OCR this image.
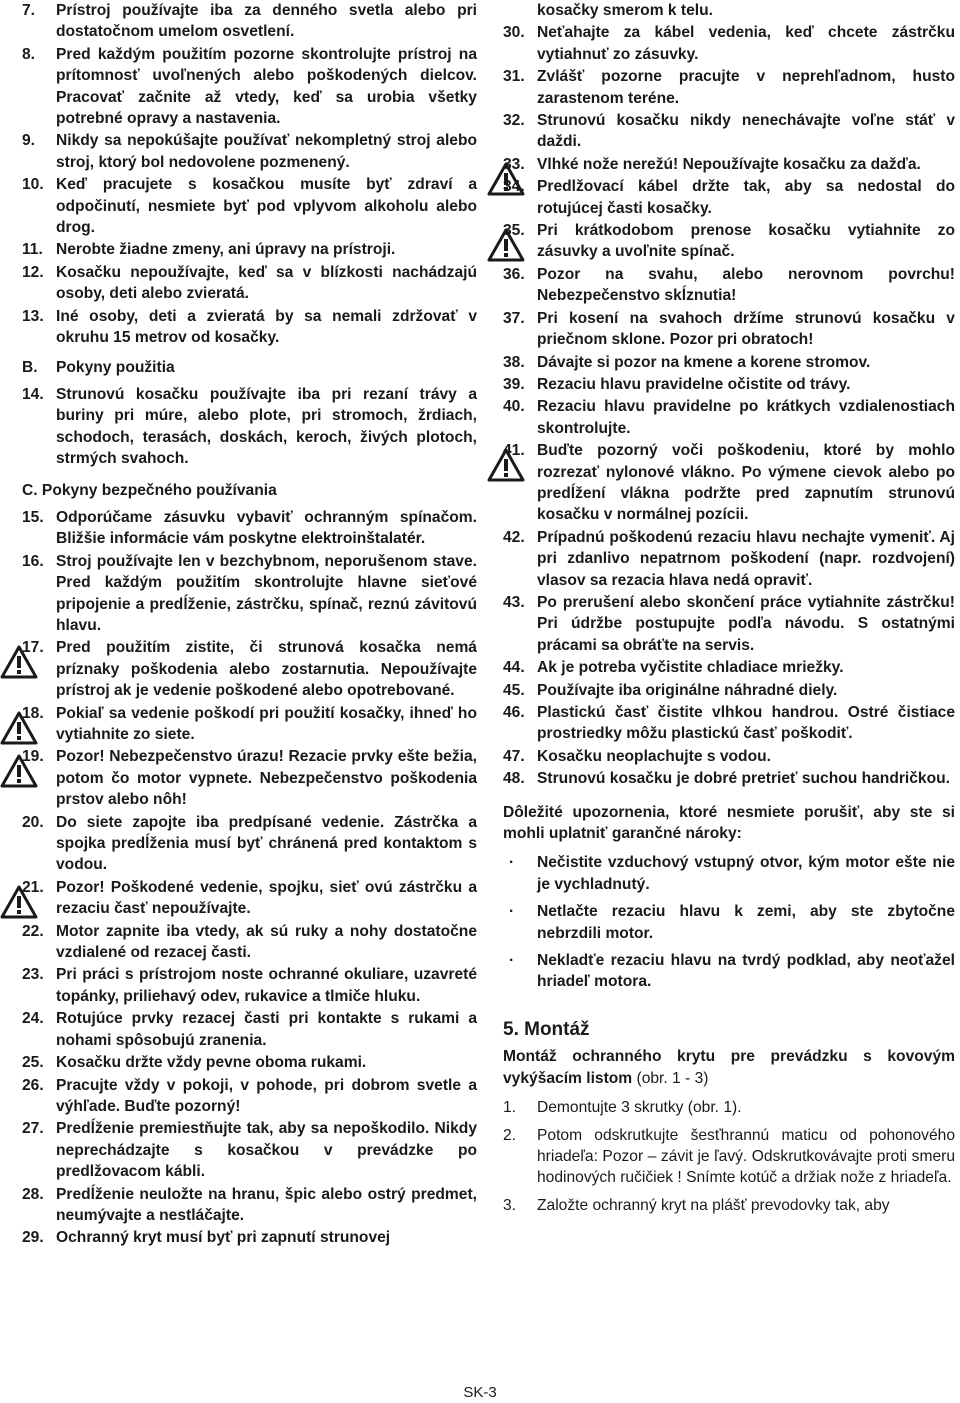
7.	Prístroj používajte iba za denného svetla alebo pri dostatočnom umelom osvetlení.
8.	Pred každým použitím pozorne skontrolujte prístroj na prítomnosť uvoľnených alebo poškodených dielcov. Pracovať začnite až vtedy, keď sa urobia všetky potrebné opravy a nastavenia.
9.	Nikdy sa nepokúšajte používať nekompletný stroj alebo stroj, ktorý bol nedovolene pozmenený.
10. Keď pracujete s kosačkou musíte byť zdraví a odpočinutí, nesmiete byť pod vplyvom alkoholu alebo drog.
11. Nerobte žiadne zmeny, ani úpravy na prístroji.
12. Kosačku nepoužívajte, keď sa v blízkosti nachádzajú osoby, deti alebo zvieratá.
13. Iné osoby, deti a zvieratá by sa nemali zdržovať v okruhu 15 metrov od kosačky.
B.	Pokyny použitia
14. Strunovú kosačku používajte iba pri rezaní trávy a buriny pri múre, alebo plote, pri stromoch, žrdiach, schodoch, terasách, doskách, keroch, živých plotoch, strmých svahoch.
C. Pokyny bezpečného používania
15. Odporúčame zásuvku vybaviť ochranným spínačom. Bližšie informácie vám poskytne elektroinštalatér.
16. Stroj používajte len v bezchybnom, neporušenom stave. Pred každým použitím skontrolujte hlavne sieťové pripojenie a predĺženie, zástrčku, spínač, reznú závitovú hlavu.
17. Pred použitím zistite, či strunová kosačka nemá príznaky poškodenia alebo zostarnutia. Nepoužívajte prístroj ak je vedenie poškodené alebo opotrebované.
18. Pokiaľ sa vedenie poškodí pri použití kosačky, ihneď ho vytiahnite zo siete.
19. Pozor! Nebezpečenstvo úrazu! Rezacie prvky ešte bežia, potom čo motor vypnete. Nebezpečenstvo poškodenia prstov alebo nôh!
20. Do siete zapojte iba predpísané vedenie. Zástrčka a spojka predĺženia musí byť chránená pred kontaktom s vodou.
21. Pozor! Poškodené vedenie, spojku, sieť ovú zástrčku a rezaciu časť nepoužívajte.
22. Motor zapnite iba vtedy, ak sú ruky a nohy dostatočne vzdialené od rezacej časti.
23. Pri práci s prístrojom noste ochranné okuliare, uzavreté topánky, priliehavý odev, rukavice a tlmiče hluku.
24. Rotujúce prvky rezacej časti pri kontakte s rukami a nohami spôsobujú zranenia.
25. Kosačku držte vždy pevne oboma rukami.
26. Pracujte vždy v pokoji, v pohode, pri dobrom svetle a výhľade. Buďte pozorný!
27. Predĺženie premiestňujte tak, aby sa nepoškodilo. Nikdy neprechádzajte s kosačkou v prevádzke po predlžovacom kábli.
28. Predĺženie neuložte na hranu, špic alebo ostrý predmet, neumývajte a nestláčajte.
29. Ochranný kryt musí byť pri zapnutí strunovej
kosačky smerom k telu.
30. Neťahajte za kábel vedenia, keď chcete zástrčku vytiahnuť zo zásuvky.
31. Zvlášť pozorne pracujte v neprehľadnom, husto zarastenom teréne.
32. Strunovú kosačku nikdy nenechávajte voľne stáť v daždi.
33. Vlhké nože nerežú! Nepoužívajte kosačku za dažďa.
34. Predlžovací kábel držte tak, aby sa nedostal do rotujúcej časti kosačky.
35. Pri krátkodobom prenose kosačku vytiahnite zo zásuvky a uvoľnite spínač.
36. Pozor na svahu, alebo nerovnom povrchu! Nebezpečenstvo skĺznutia!
37. Pri kosení na svahoch držíme strunovú kosačku v priečnom sklone. Pozor pri obratoch!
38. Dávajte si pozor na kmene a korene stromov.
39. Rezaciu hlavu pravidelne očistite od trávy.
40. Rezaciu hlavu pravidelne po krátkych vzdialenostiach skontrolujte.
41. Buďte pozorný voči poškodeniu, ktoré by mohlo rozrezať nylonové vlákno. Po výmene cievok alebo po predĺžení vlákna podržte pred zapnutím strunovú kosačku v normálnej pozícii.
42. Prípadnú poškodenú rezaciu hlavu nechajte vymeniť. Aj pri zdanlivo nepatrnom poškodení (napr. rozdvojení) vlasov sa rezacia hlava nedá opraviť.
43. Po prerušení alebo skončení práce vytiahnite zástrčku! Pri údržbe postupujte podľa návodu. S ostatnými prácami sa obráťte na servis.
44. Ak je potreba vyčistite chladiace mriežky.
45. Používajte iba originálne náhradné diely.
46. Plastickú časť čistite vlhkou handrou. Ostré čistiace prostriedky môžu plastickú časť poškodiť.
47. Kosačku neoplachujte s vodou.
48. Strunovú kosačku je dobré pretrieť suchou handričkou.
Dôležité upozornenia, ktoré nesmiete porušiť, aby ste si mohli uplatniť garančné nároky:
·	Nečistite vzduchový vstupný otvor, kým motor ešte nie je vychladnutý.
·	Netlačte rezaciu hlavu k zemi, aby ste zbytočne nebrzdili motor.
·	Nekladťe rezaciu hlavu na tvrdý podklad, aby neoťažel hriadeľ motora.
5. Montáž
Montáž ochranného krytu pre prevádzku s kovovým vykýšacím listom (obr. 1 - 3)
1.	Demontujte 3 skrutky (obr. 1).
2.	Potom odskrutkujte šesťhrannú maticu od pohonového hriadeľa: Pozor – závit je ľavý. Odskrutkovávajte proti smeru hodinových ručičiek ! Snímte kotúč a držiak nože z hriadeľa.
3.	Založte ochranný kryt na plášť prevodovky tak, aby
SK-3
